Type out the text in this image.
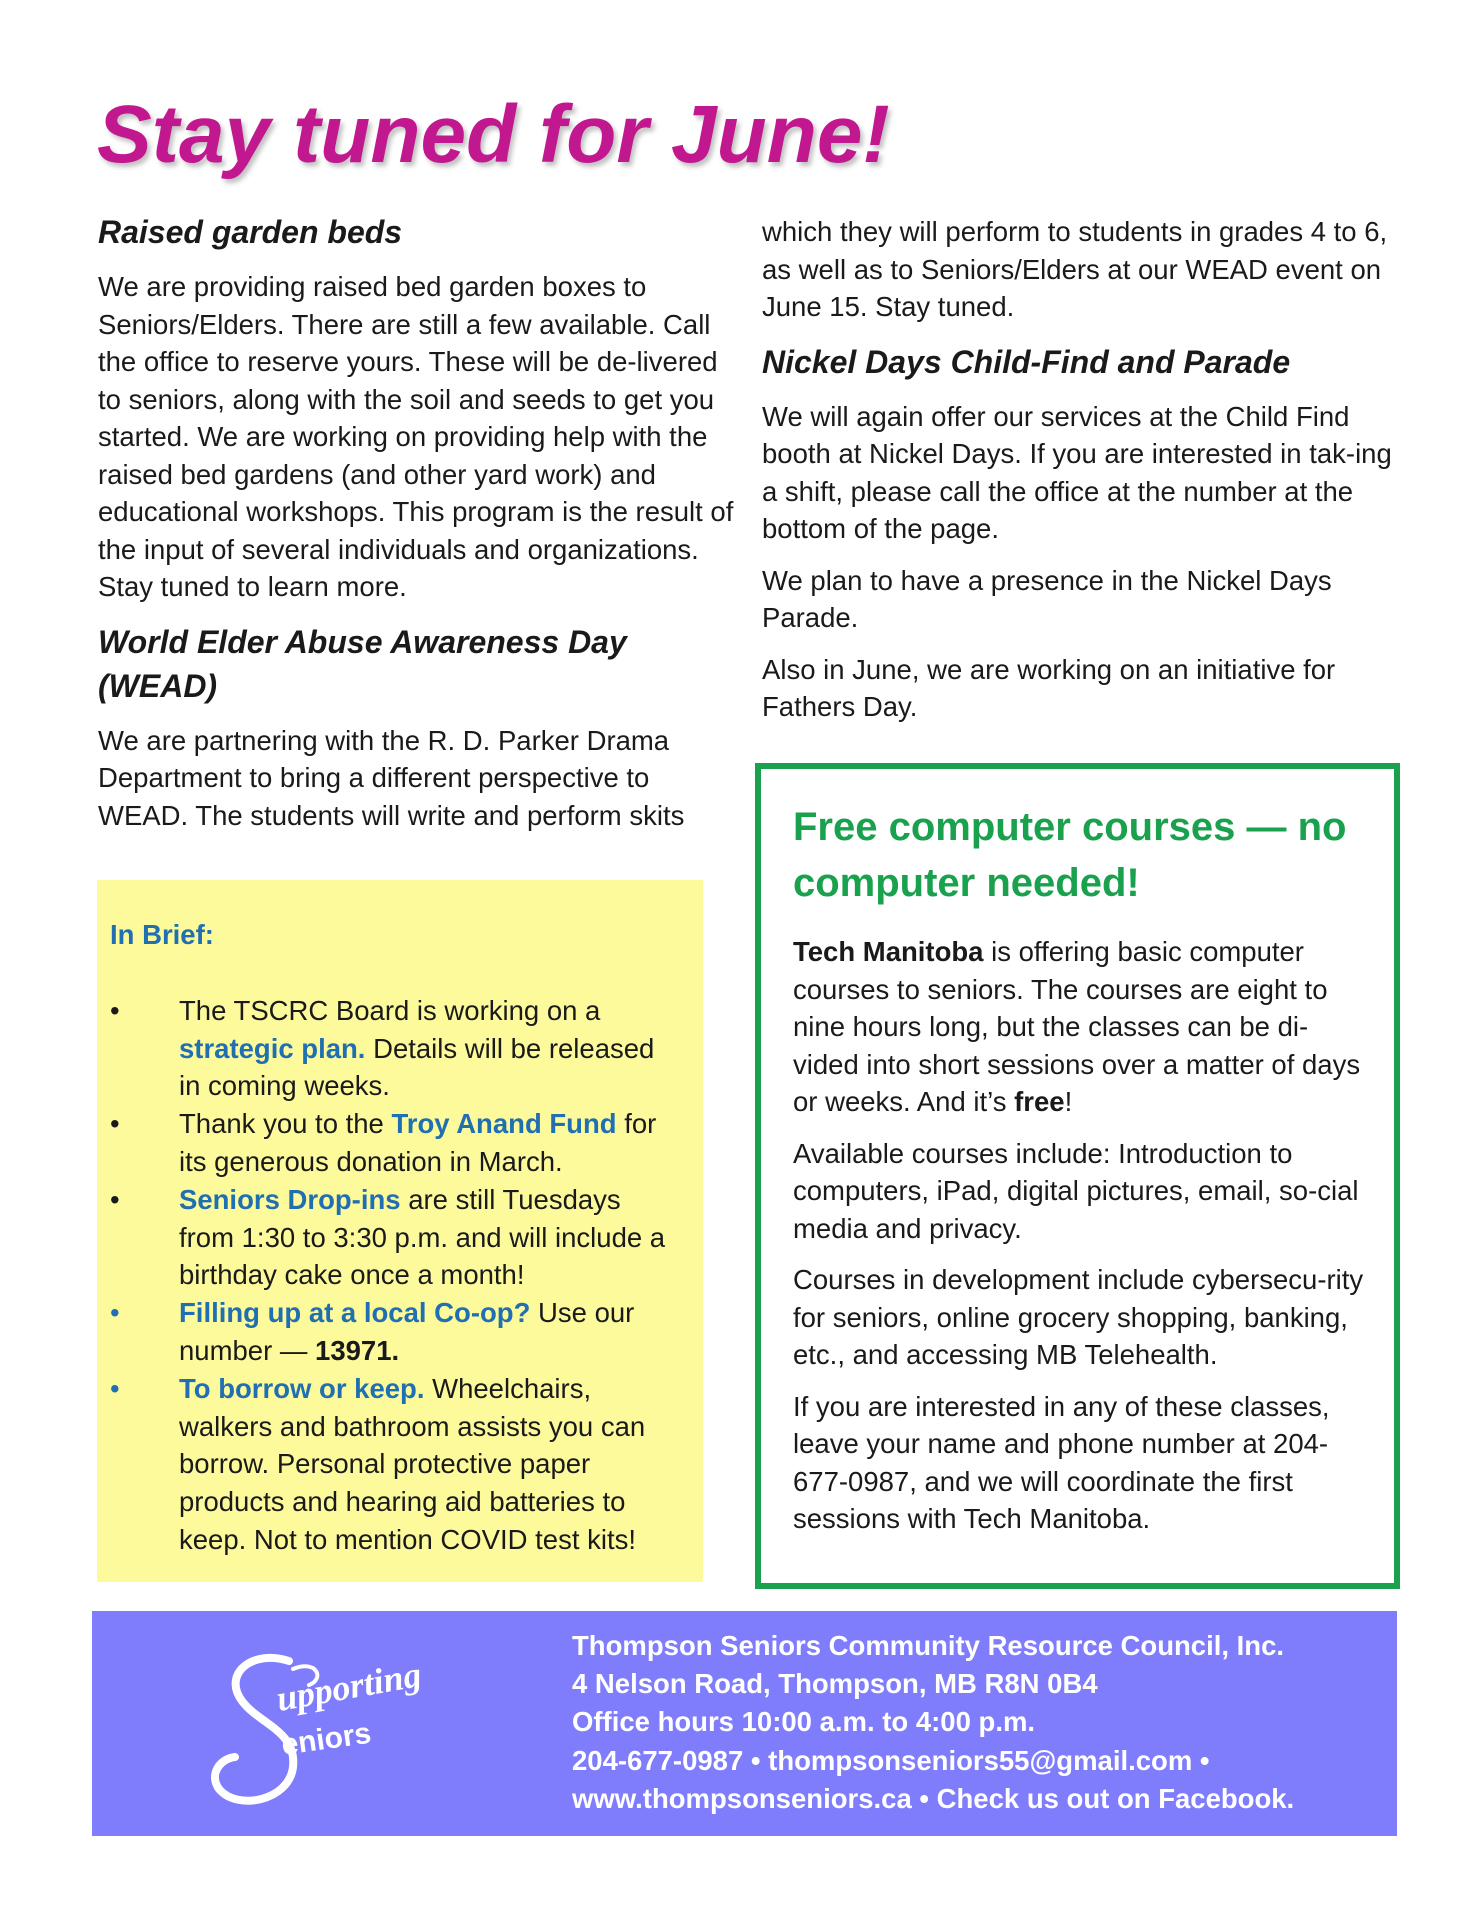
Stay tuned for June!
Raised garden beds

We are providing raised bed garden boxes to Seniors/Elders. There are still a few available. Call the office to reserve yours. These will be de-livered to seniors, along with the soil and seeds to get you started. We are working on providing help with the raised bed gardens (and other yard work) and educational workshops. This program is the result of the input of several individuals and organizations. Stay tuned to learn more.

World Elder Abuse Awareness Day (WEAD)

We are partnering with the R. D. Parker Drama Department to bring a different perspective to WEAD. The students will write and perform skits

which they will perform to students in grades 4 to 6, as well as to Seniors/Elders at our WEAD event on June 15. Stay tuned.

Nickel Days Child-Find and Parade

We will again offer our services at the Child Find booth at Nickel Days. If you are interested in tak-ing a shift, please call the office at the number at the bottom of the page.

We plan to have a presence in the Nickel Days Parade.

Also in June, we are working on an initiative for Fathers Day.

In Brief:
• The TSCRC Board is working on a strategic plan. Details will be released in coming weeks.
• Thank you to the Troy Anand Fund for its generous donation in March.
• Seniors Drop-ins are still Tuesdays from 1:30 to 3:30 p.m. and will include a birthday cake once a month!
• Filling up at a local Co-op? Use our number — 13971.
• To borrow or keep. Wheelchairs, walkers and bathroom assists you can borrow. Personal protective paper products and hearing aid batteries to keep. Not to mention COVID test kits!
Free computer courses — no computer needed!

Tech Manitoba is offering basic computer courses to seniors. The courses are eight to nine hours long, but the classes can be di-vided into short sessions over a matter of days or weeks. And it’s free!

Available courses include: Introduction to computers, iPad, digital pictures, email, so-cial media and privacy.

Courses in development include cybersecu-rity for seniors, online grocery shopping, banking, etc., and accessing MB Telehealth.

If you are interested in any of these classes, leave your name and phone number at 204-677-0987, and we will coordinate the first sessions with Tech Manitoba.

upporting
eniors
Thompson Seniors Community Resource Council, Inc.
4 Nelson Road, Thompson, MB R8N 0B4
Office hours 10:00 a.m. to 4:00 p.m.
204-677-0987 • thompsonseniors55@gmail.com •
www.thompsonseniors.ca • Check us out on Facebook.
